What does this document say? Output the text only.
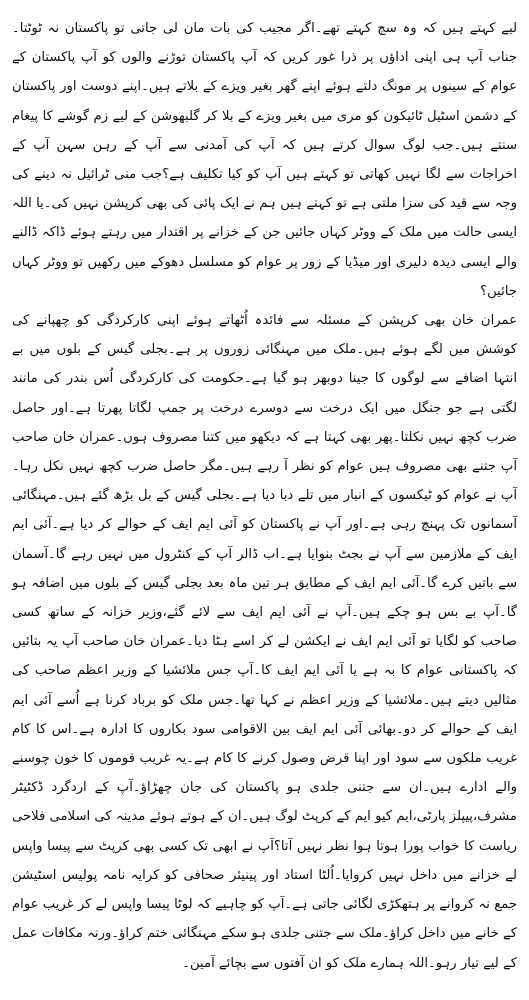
لیے کہتے ہیں کہ وہ سچ کہتے تھے۔اگر مجیب کی بات مان لی جاتی تو پاکستان نہ ٹوٹتا۔جناب آپ ہی اپنی اداؤں پر ذرا غور کریں کہ آپ پاکستان توڑنے والوں کو آپ پاکستان کے عوام کے سینوں پر مونگ دلتے ہوئے اپنے گھر بغیر ویزے کے بلاتے ہیں۔اپنے دوست اور پاکستان کے دشمن اسٹیل ٹائیکون کو مری میں بغیر ویزے کے بلا کر گلبھوشن کے لیے زم گوشے کا پیغام سنتے ہیں۔جب لوگ سوال کرتے ہیں کہ آپ کی آمدنی سے آپ کے رہن سہن آپ کے اخراجات سے لگا نہیں کھاتی تو کہتے ہیں آپ کو کیا تکلیف ہے؟جب منی ٹرائیل نہ دینے کی وجہ سے قید کی سزا ملتی ہے تو کہتے ہیں ہم نے ایک پائی کی بھی کرپشن نہیں کی۔یا اللہ ایسی حالت میں ملک کے ووٹر کہاں جائیں جن کے خزانے پر اقتدار میں رہتے ہوئے ڈاکہ ڈالنے والے ایسی دیدہ دلیری اور میڈیا کے زور پر عوام کو مسلسل دھوکے میں رکھیں تو ووٹر کہاں جائیں؟

عمران خان بھی کرپشن کے مسئلہ سے فائدہ اُٹھاتے ہوئے اپنی کارکردگی کو چھپانے کی کوشش میں لگے ہوئے ہیں۔ملک میں مہنگائی زوروں پر ہے۔بجلی گیس کے بلوں میں بے انتہا اضافے سے لوگوں کا جینا دوبھر ہو گیا ہے۔حکومت کی کارکردگی اُس بندر کی مانند لگتی ہے جو جنگل میں ایک درخت سے دوسرے درخت پر جمپ لگاتا پھرتا ہے۔اور حاصل ضرب کچھ نہیں نکلتا۔پھر بھی کہتا ہے کہ دیکھو میں کتنا مصروف ہوں۔عمران خان صاحب آپ جتنے بھی مصروف ہیں عوام کو نظر آ رہے ہیں۔مگر حاصل ضرب کچھ نہیں نکل رہا۔ آپ نے عوام کو ٹیکسوں کے انبار میں تلے دبا دیا ہے۔بجلی گیس کے بل بڑھ گئے ہیں۔مہنگائی آسمانوں تک پہنچ رہی ہے۔اور آپ نے پاکستان کو آئی ایم ایف کے حوالے کر دیا ہے۔آئی ایم ایف کے ملازمین سے آپ نے بجٹ بنوایا ہے۔اب ڈالر آپ کے کنٹرول میں نہیں رہے گا۔آسمان سے باتیں کرے گا۔آئی ایم ایف کے مطابق ہر تین ماہ بعد بجلی گیس کے بلوں میں اضافہ ہو گا۔آپ بے بس ہو چکے ہیں۔آپ نے آئی ایم ایف سے لائے گئے،وزیر خزانہ کے ساتھ کسی صاحب کو لگایا تو آئی ایم ایف نے ایکشن لے کر اسے ہٹا دیا۔عمران خان صاحب آپ یہ بتائیں کہ پاکستانی عوام کا بہ ہے یا آئی ایم ایف کا۔آپ جس ملائشیا کے وزیر اعظم صاحب کی مثالیں دیتے ہیں۔ملائشیا کے وزیر اعظم نے کہا تھا۔جس ملک کو برباد کرنا ہے اُسے آئی ایم ایف کے حوالے کر دو۔بھائی آئی ایم ایف بین الاقوامی سود بکاروں کا ادارہ ہے۔اس کا کام غریب ملکوں سے سود اور اپنا قرض وصول کرنے کا کام ہے۔یہ غریب قوموں کا خون چوسنے والے ادارے ہیں۔ان سے جتنی جلدی ہو پاکستان کی جان چھڑاؤ۔آپ کے اردگرد ڈکٹیٹر مشرف،پیپلز پارٹی،ایم کیو ایم کے کرپٹ لوگ ہیں۔ان کے ہوتے ہوئے مدینہ کی اسلامی فلاحی ریاست کا خواب پورا ہوتا ہوا نظر نہیں آتا؟آپ نے ابھی تک کسی بھی کرپٹ سے پیسا واپس لے خزانے میں داخل نہیں کروایا۔اُلٹا استاد اور پینیئر صحافی کو کرایہ نامہ پولیس اسٹیشن جمع نہ کروانے پر ہتھکڑی لگائی جاتی ہے۔آپ کو چاہیے کہ لوٹا پیسا واپس لے کر غریب عوام کے خانے میں داخل کراؤ۔ملک سے جتنی جلدی ہو سکے مہنگائی ختم کراؤ۔ورنہ مکافات عمل کے لیے تیار رہو۔اللہ ہمارے ملک کو ان آفتوں سے بچائے آمین۔
